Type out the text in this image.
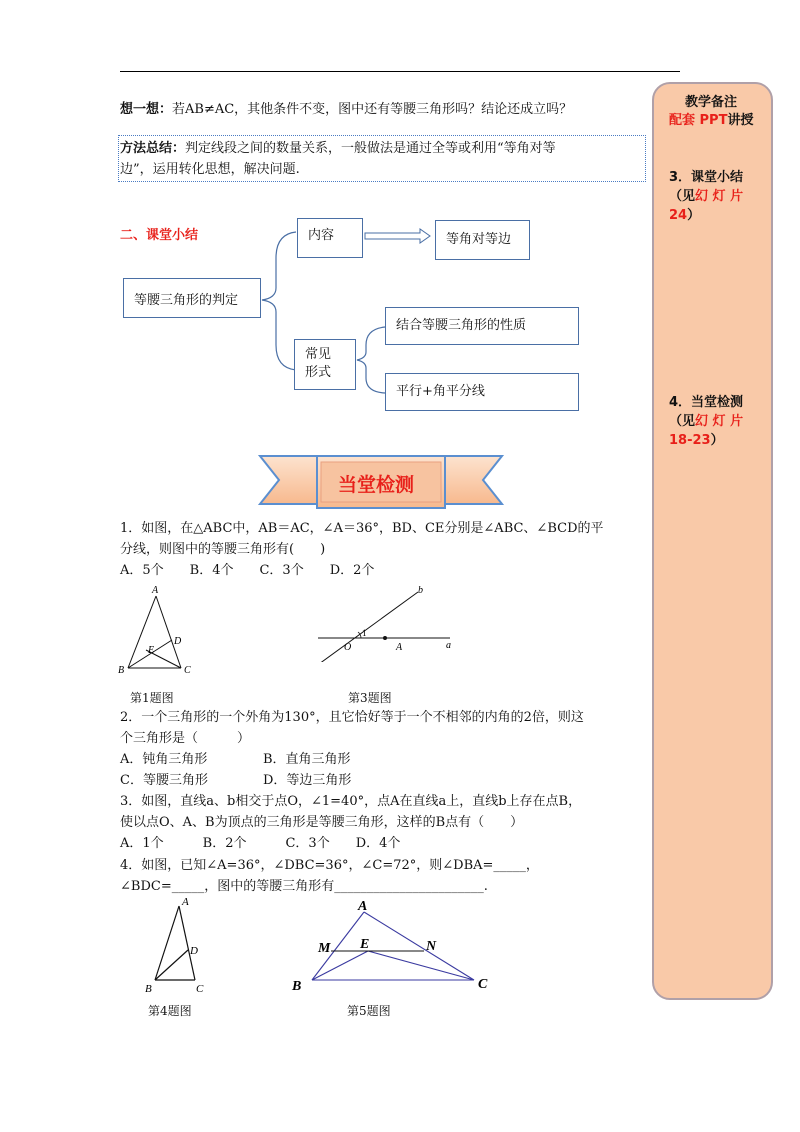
想一想：若AB≠AC，其他条件不变，图中还有等腰三角形吗？结论还成立吗？
方法总结：判定线段之间的数量关系，一般做法是通过全等或利用“等角对等
边”，运用转化思想，解决问题.
二、课堂小结
等腰三角形的判定
内容	等角对等边
常见
形式
结合等腰三角形的性质
平行+角平分线
当堂检测
1．如图，在△ABC中，AB＝AC，∠A＝36°，BD、CE分别是∠ABC、∠BCD的平
分线，则图中的等腰三角形有(　　)
A．5个　　B．4个　　C．3个　　D．2个
A
D
E
B	C
第1题图
b
1
O	A	a
第3题图
2．一个三角形的一个外角为130°，且它恰好等于一个不相邻的内角的2倍，则这
个三角形是（　　　）
A．钝角三角形	B．直角三角形
C．等腰三角形	D．等边三角形
3．如图，直线a、b相交于点O，∠1=40°，点A在直线a上，直线b上存在点B，
使以点O、A、B为顶点的三角形是等腰三角形，这样的B点有（　　）
A．1个　　　B．2个　　　C．3个　　D．4个
4．如图，已知∠A=36°，∠DBC=36°，∠C=72°，则∠DBA=_____，
∠BDC=_____，图中的等腰三角形有_______________________.
A
D
B	C
第4题图
A
M E	N
B	C
第5题图
教学备注
配套 PPT讲授
3．课堂小结
（见幻 灯 片
24）
4．当堂检测
（见幻 灯 片
18-23）
